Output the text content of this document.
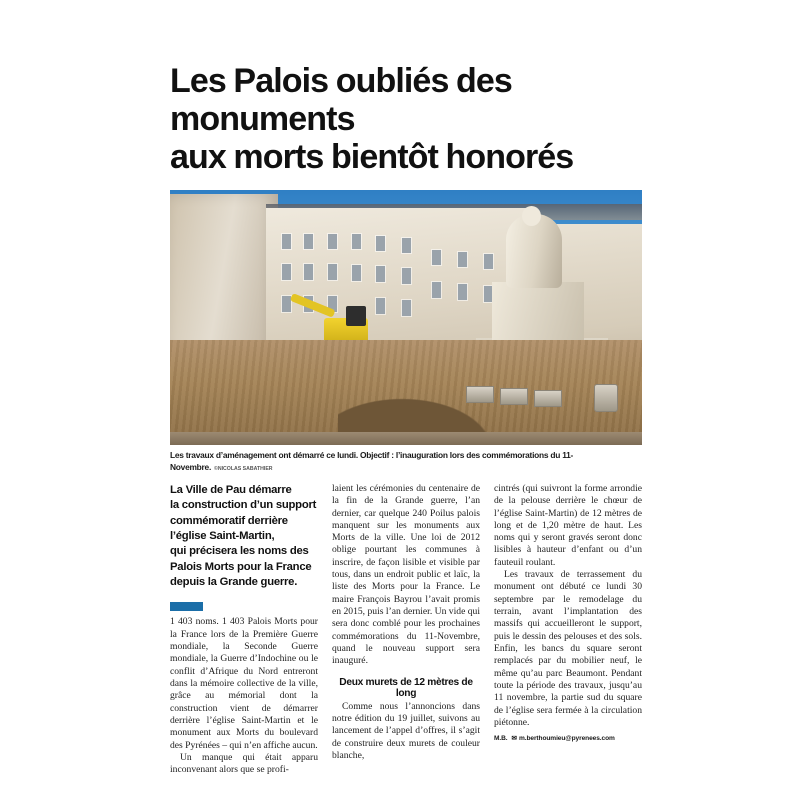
Les Palois oubliés des monuments
aux morts bientôt honorés
Les travaux d’aménagement ont démarré ce lundi. Objectif : l’inauguration lors des commémorations du 11-Novembre. ©NICOLAS SABATHIER
La Ville de Pau démarre
la construction d’un support
commémoratif derrière
l’église Saint-Martin,
qui précisera les noms des
Palois Morts pour la France
depuis la Grande guerre.

1 403 noms. 1 403 Palois Morts pour la France lors de la Première Guerre mondiale, la Seconde Guerre mondiale, la Guerre d’Indochine ou le conflit d’Afrique du Nord entreront dans la mémoire collective de la ville, grâce au mémorial dont la construction vient de démarrer derrière l’église Saint-Martin et le monument aux Morts du boulevard des Pyrénées – qui n’en affiche aucun.

Un manque qui était apparu inconvenant alors que se profi-

laient les cérémonies du centenaire de la fin de la Grande guerre, l’an dernier, car quelque 240 Poilus palois manquent sur les monuments aux Morts de la ville. Une loi de 2012 oblige pourtant les communes à inscrire, de façon lisible et visible par tous, dans un endroit public et laïc, la liste des Morts pour la France. Le maire François Bayrou l’avait promis en 2015, puis l’an dernier. Un vide qui sera donc comblé pour les prochaines commémorations du 11-Novembre, quand le nouveau support sera inauguré.

Deux murets de 12 mètres de long

Comme nous l’annoncions dans notre édition du 19 juillet, suivons au lancement de l’appel d’offres, il s’agit de construire deux murets de couleur blanche,

cintrés (qui suivront la forme arrondie de la pelouse derrière le chœur de l’église Saint-Martin) de 12 mètres de long et de 1,20 mètre de haut. Les noms qui y seront gravés seront donc lisibles à hauteur d’enfant ou d’un fauteuil roulant.

Les travaux de terrassement du monument ont débuté ce lundi 30 septembre par le remodelage du terrain, avant l’implantation des massifs qui accueilleront le support, puis le dessin des pelouses et des sols. Enfin, les bancs du square seront remplacés par du mobilier neuf, le même qu’au parc Beaumont. Pendant toute la période des travaux, jusqu’au 11 novembre, la partie sud du square de l’église sera fermée à la circulation piétonne.

M.B. ✉ m.berthoumieu@pyrenees.com
